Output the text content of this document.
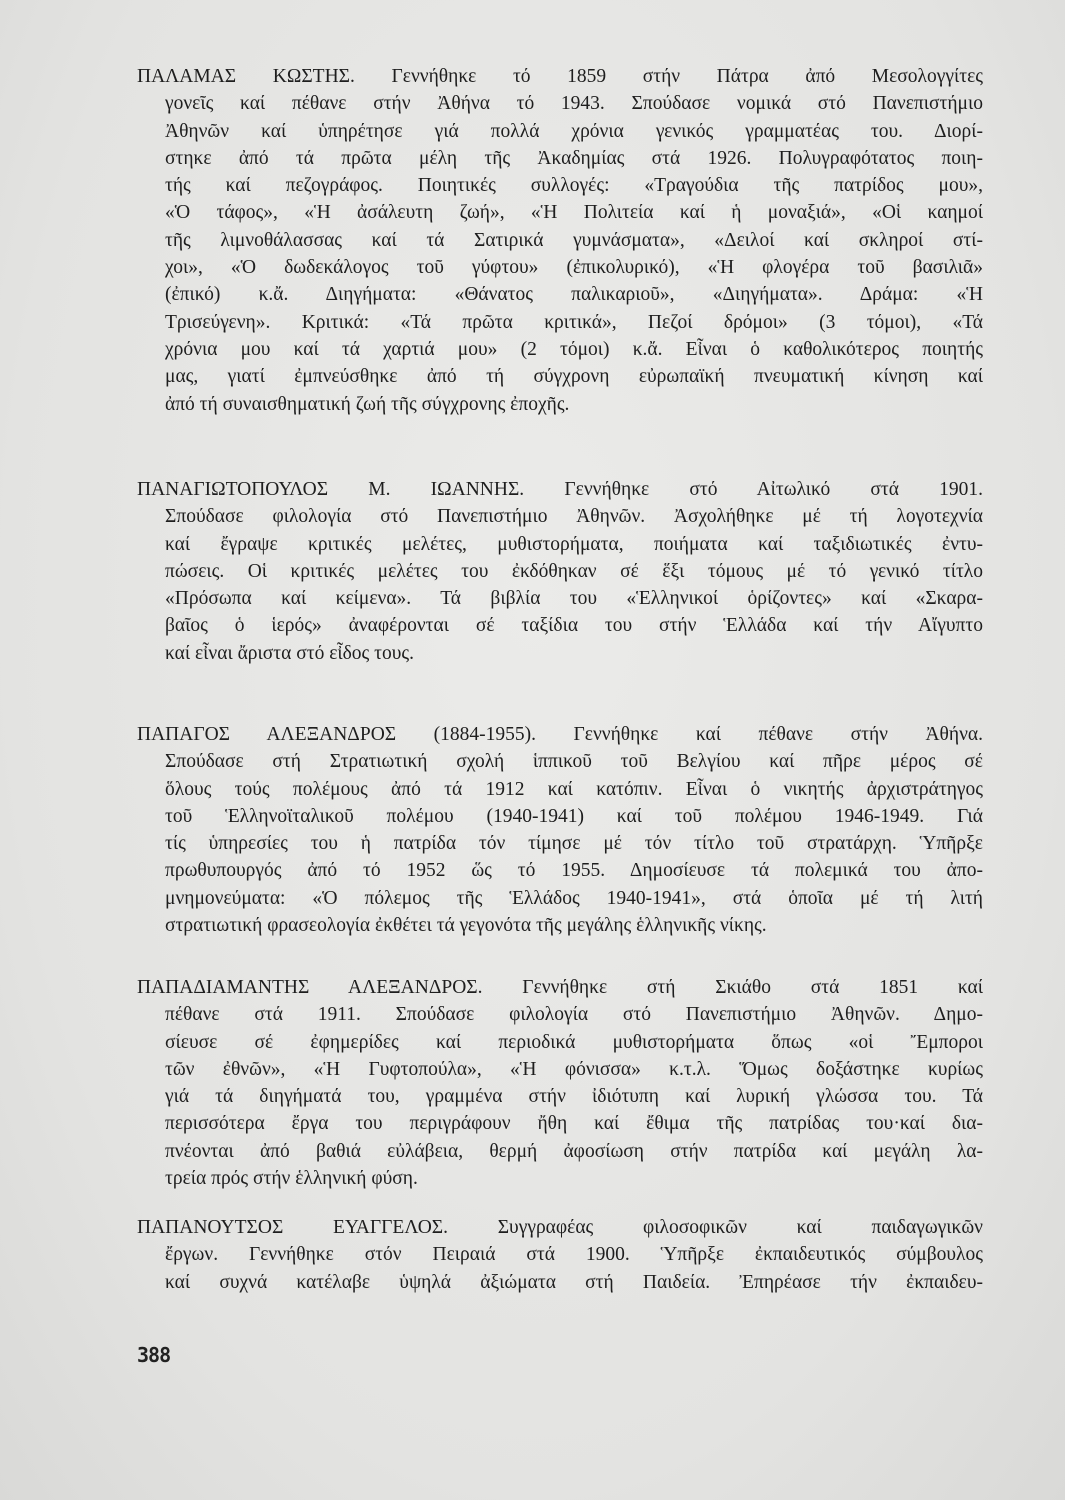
ΠΑΛΑΜΑΣ ΚΩΣΤΗΣ. Γεννήθηκε τό 1859 στήν Πάτρα ἀπό Μεσολογγίτες
γονεῖς καί πέθανε στήν Ἀθήνα τό 1943. Σπούδασε νομικά στό Πανεπιστήμιο
Ἀθηνῶν καί ὑπηρέτησε γιά πολλά χρόνια γενικός γραμματέας του. Διορί-
στηκε ἀπό τά πρῶτα μέλη τῆς Ἀκαδημίας στά 1926. Πολυγραφότατος ποιη-
τής καί πεζογράφος. Ποιητικές συλλογές: «Τραγούδια τῆς πατρίδος μου»,
«Ὁ τάφος», «Ἡ ἀσάλευτη ζωή», «Ἡ Πολιτεία καί ἡ μοναξιά», «Οἱ καημοί
τῆς λιμνοθάλασσας καί τά Σατιρικά γυμνάσματα», «Δειλοί καί σκληροί στί-
χοι», «Ὁ δωδεκάλογος τοῦ γύφτου» (ἐπικολυρικό), «Ἡ φλογέρα τοῦ βασιλιᾶ»
(ἐπικό) κ.ἄ. Διηγήματα: «Θάνατος παλικαριοῦ», «Διηγήματα». Δράμα: «Ἡ
Τρισεύγενη». Κριτικά: «Τά πρῶτα κριτικά», Πεζοί δρόμοι» (3 τόμοι), «Τά
χρόνια μου καί τά χαρτιά μου» (2 τόμοι) κ.ἄ. Εἶναι ὁ καθολικότερος ποιητής
μας, γιατί ἐμπνεύσθηκε ἀπό τή σύγχρονη εὐρωπαϊκή πνευματική κίνηση καί
ἀπό τή συναισθηματική ζωή τῆς σύγχρονης ἐποχῆς.
ΠΑΝΑΓΙΩΤΟΠΟΥΛΟΣ Μ. ΙΩΑΝΝΗΣ. Γεννήθηκε στό Αἰτωλικό στά 1901.
Σπούδασε φιλολογία στό Πανεπιστήμιο Ἀθηνῶν. Ἀσχολήθηκε μέ τή λογοτεχνία
καί ἔγραψε κριτικές μελέτες, μυθιστορήματα, ποιήματα καί ταξιδιωτικές ἐντυ-
πώσεις. Οἱ κριτικές μελέτες του ἐκδόθηκαν σέ ἕξι τόμους μέ τό γενικό τίτλο
«Πρόσωπα καί κείμενα». Τά βιβλία του «Ἑλληνικοί ὁρίζοντες» καί «Σκαρα-
βαῖος ὁ ἱερός» ἀναφέρονται σέ ταξίδια του στήν Ἑλλάδα καί τήν Αἴγυπτο
καί εἶναι ἄριστα στό εἶδος τους.
ΠΑΠΑΓΟΣ ΑΛΕΞΑΝΔΡΟΣ (1884-1955). Γεννήθηκε καί πέθανε στήν Ἀθήνα.
Σπούδασε στή Στρατιωτική σχολή ἱππικοῦ τοῦ Βελγίου καί πῆρε μέρος σέ
ὅλους τούς πολέμους ἀπό τά 1912 καί κατόπιν. Εἶναι ὁ νικητής ἀρχιστράτηγος
τοῦ Ἑλληνοϊταλικοῦ πολέμου (1940-1941) καί τοῦ πολέμου 1946-1949. Γιά
τίς ὑπηρεσίες του ἡ πατρίδα τόν τίμησε μέ τόν τίτλο τοῦ στρατάρχη. Ὑπῆρξε
πρωθυπουργός ἀπό τό 1952 ὥς τό 1955. Δημοσίευσε τά πολεμικά του ἀπο-
μνημονεύματα: «Ὁ πόλεμος τῆς Ἑλλάδος 1940-1941», στά ὁποῖα μέ τή λιτή
στρατιωτική φρασεολογία ἐκθέτει τά γεγονότα τῆς μεγάλης ἑλληνικῆς νίκης.
ΠΑΠΑΔΙΑΜΑΝΤΗΣ ΑΛΕΞΑΝΔΡΟΣ. Γεννήθηκε στή Σκιάθο στά 1851 καί
πέθανε στά 1911. Σπούδασε φιλολογία στό Πανεπιστήμιο Ἀθηνῶν. Δημο-
σίευσε σέ ἐφημερίδες καί περιοδικά μυθιστορήματα ὅπως «οἱ Ἔμποροι
τῶν ἐθνῶν», «Ἡ Γυφτοπούλα», «Ἡ φόνισσα» κ.τ.λ. Ὅμως δοξάστηκε κυρίως
γιά τά διηγήματά του, γραμμένα στήν ἰδιότυπη καί λυρική γλώσσα του. Τά
περισσότερα ἔργα του περιγράφουν ἤθη καί ἔθιμα τῆς πατρίδας του·καί δια-
πνέονται ἀπό βαθιά εὐλάβεια, θερμή ἀφοσίωση στήν πατρίδα καί μεγάλη λα-
τρεία πρός στήν ἑλληνική φύση.
ΠΑΠΑΝΟΥΤΣΟΣ ΕΥΑΓΓΕΛΟΣ. Συγγραφέας φιλοσοφικῶν καί παιδαγωγικῶν
ἔργων. Γεννήθηκε στόν Πειραιά στά 1900. Ὑπῆρξε ἐκπαιδευτικός σύμβουλος
καί συχνά κατέλαβε ὑψηλά ἀξιώματα στή Παιδεία. Ἐπηρέασε τήν ἐκπαιδευ-
388
